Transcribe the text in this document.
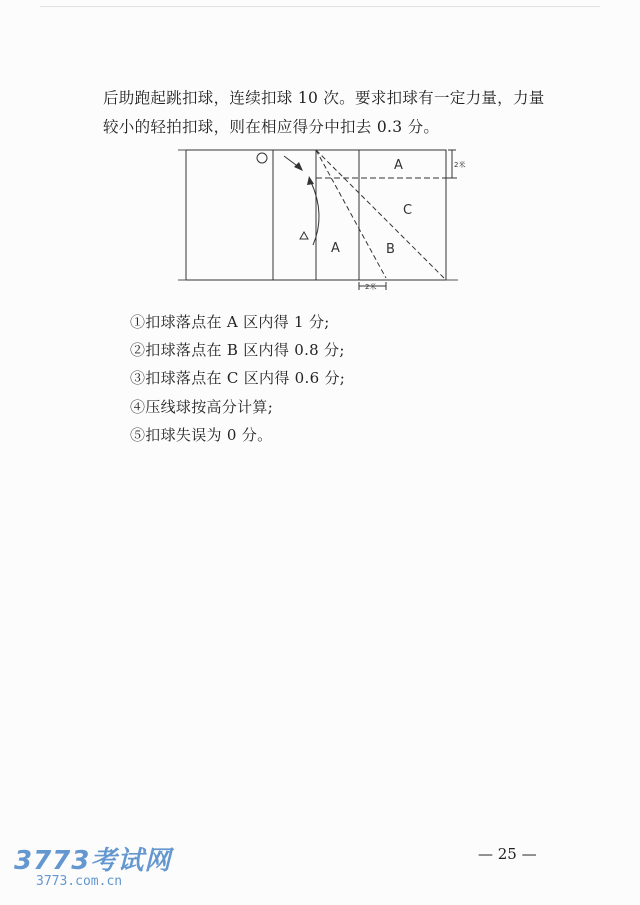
后助跑起跳扣球，连续扣球 10 次。要求扣球有一定力量，力量
较小的轻拍扣球，则在相应得分中扣去 0.3 分。
A
C
A	B
2米
2米
①扣球落点在 A 区内得 1 分;
②扣球落点在 B 区内得 0.8 分;
③扣球落点在 C 区内得 0.6 分;
④压线球按高分计算;
⑤扣球失误为 0 分。
— 25 —
3773考试网
3773.com.cn
